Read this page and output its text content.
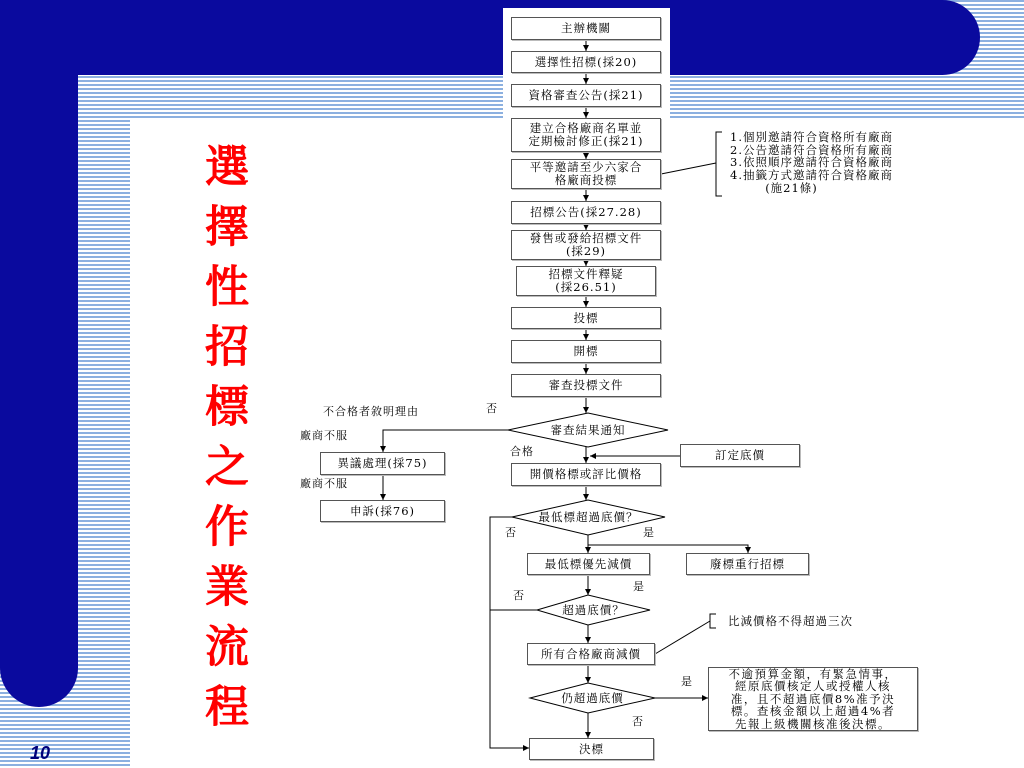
選擇性招標之作業流程
10
主辦機關
選擇性招標(採20)
資格審查公告(採21)
建立合格廠商名單並
定期檢討修正(採21)
平等邀請至少六家合
格廠商投標
招標公告(採27.28)
發售或發給招標文件
(採29)
招標文件釋疑
(採26.51)
投標
開標
審查投標文件
審查結果通知
開價格標或評比價格
訂定底價
最低標超過底價？
最低標優先減價	廢標重行招標
超過底價？
所有合格廠商減價
仍超過底價
決標
異議處理(採75)
申訴(採76)
1.個別邀請符合資格所有廠商
2.公告邀請符合資格所有廠商
3.依照順序邀請符合資格廠商
4.抽籤方式邀請符合資格廠商
(施21條)
比減價格不得超過三次
不逾預算金額，有緊急情事，
經原底價核定人或授權人核
准，且不超過底價8%准予決
標。查核金額以上超過4%者
先報上級機關核准後決標。
否
不合格者敘明理由
廠商不服
合格
廠商不服
否	是
是
否
是
否
